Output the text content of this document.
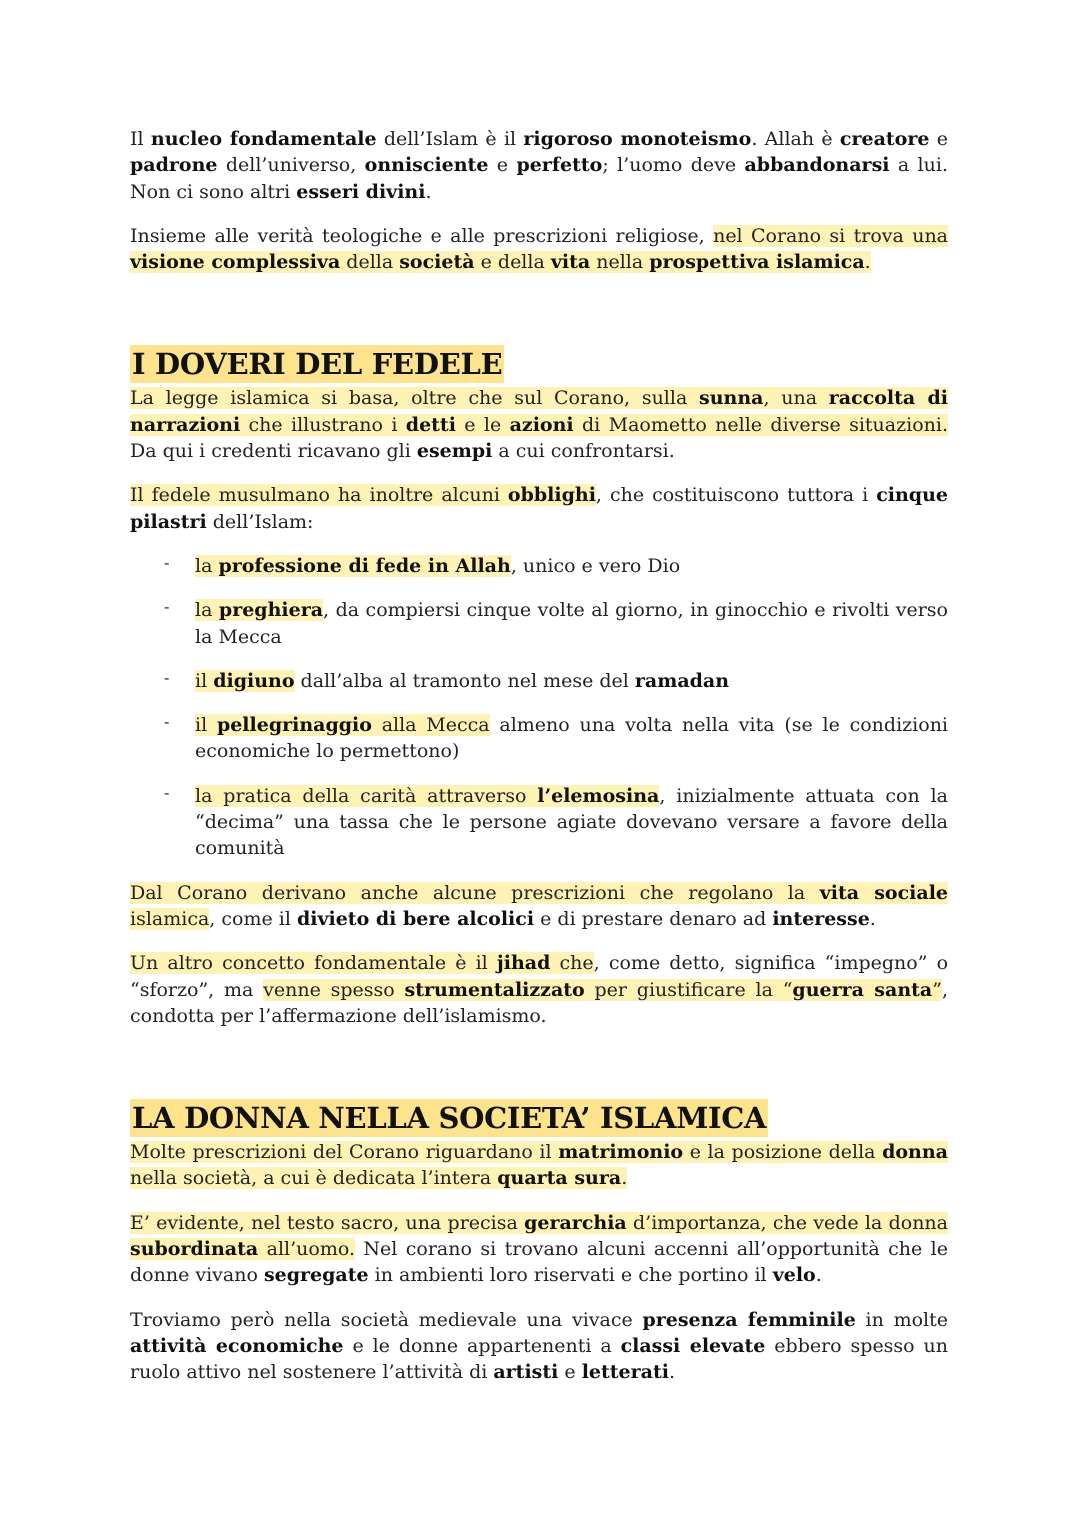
Il nucleo fondamentale dell’Islam è il rigoroso monoteismo. Allah è creatore e padrone dell’universo, onnisciente e perfetto; l’uomo deve abbandonarsi a lui. Non ci sono altri esseri divini.

Insieme alle verità teologiche e alle prescrizioni religiose, nel Corano si trova una visione complessiva della società e della vita nella prospettiva islamica.

I DOVERI DEL FEDELE

La legge islamica si basa, oltre che sul Corano, sulla sunna, una raccolta di narrazioni che illustrano i detti e le azioni di Maometto nelle diverse situazioni. Da qui i credenti ricavano gli esempi a cui confrontarsi.

Il fedele musulmano ha inoltre alcuni obblighi, che costituiscono tuttora i cinque pilastri dell’Islam:

- la professione di fede in Allah, unico e vero Dio

- la preghiera, da compiersi cinque volte al giorno, in ginocchio e rivolti verso la Mecca

- il digiuno dall’alba al tramonto nel mese del ramadan

- il pellegrinaggio alla Mecca almeno una volta nella vita (se le condizioni economiche lo permettono)

- la pratica della carità attraverso l’elemosina, inizialmente attuata con la “decima” una tassa che le persone agiate dovevano versare a favore della comunità

Dal Corano derivano anche alcune prescrizioni che regolano la vita sociale islamica, come il divieto di bere alcolici e di prestare denaro ad interesse.

Un altro concetto fondamentale è il jihad che, come detto, significa “impegno” o “sforzo”, ma venne spesso strumentalizzato per giustificare la “guerra santa”, condotta per l’affermazione dell’islamismo.

LA DONNA NELLA SOCIETA’ ISLAMICA

Molte prescrizioni del Corano riguardano il matrimonio e la posizione della donna nella società, a cui è dedicata l’intera quarta sura.

E’ evidente, nel testo sacro, una precisa gerarchia d’importanza, che vede la donna subordinata all’uomo. Nel corano si trovano alcuni accenni all’opportunità che le donne vivano segregate in ambienti loro riservati e che portino il velo.

Troviamo però nella società medievale una vivace presenza femminile in molte attività economiche e le donne appartenenti a classi elevate ebbero spesso un ruolo attivo nel sostenere l’attività di artisti e letterati.
